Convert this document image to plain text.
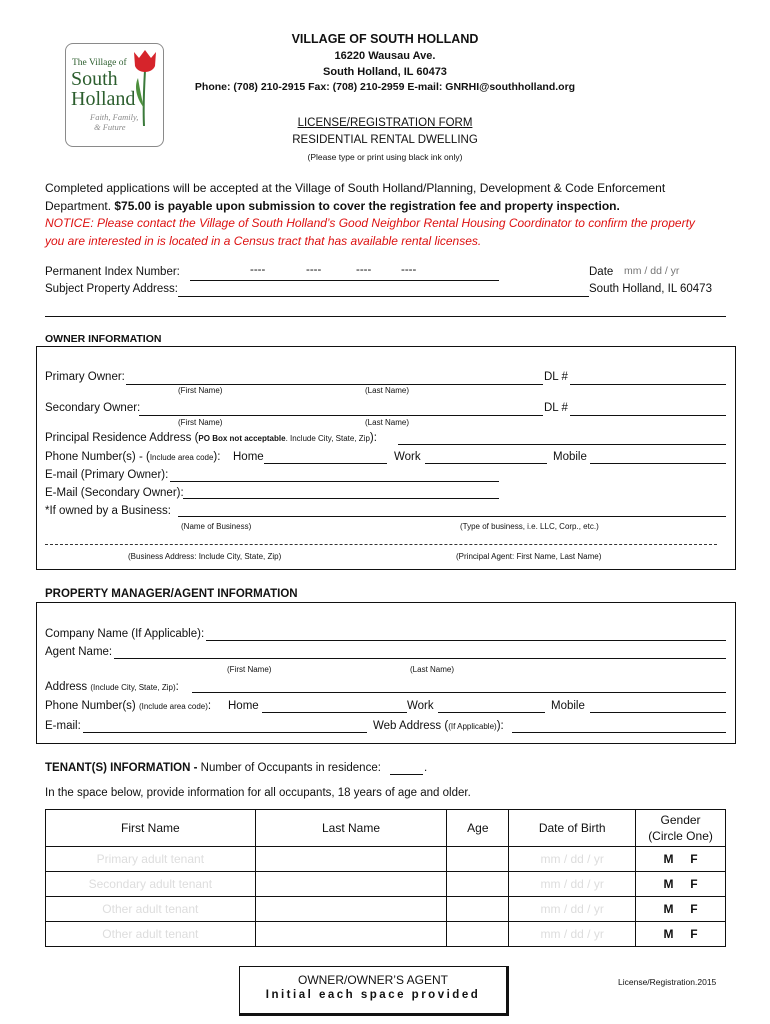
The Village of
South
Holland
Faith, Family,
& Future
VILLAGE OF SOUTH HOLLAND
16220 Wausau Ave.
South Holland, IL 60473
Phone: (708) 210-2915 Fax: (708) 210-2959 E-mail: GNRHI@southholland.org
LICENSE/REGISTRATION FORM
RESIDENTIAL RENTAL DWELLING
(Please type or print using black ink only)
Completed applications will be accepted at the Village of South Holland/Planning, Development & Code Enforcement
Department. $75.00 is payable upon submission to cover the registration fee and property inspection.
NOTICE: Please contact the Village of South Holland’s Good Neighbor Rental Housing Coordinator to confirm the property
you are interested in is located in a Census tract that has available rental licenses.
Permanent Index Number:	----	----	----	----	Date
mm / dd / yr
Subject Property Address:	South Holland, IL 60473
OWNER INFORMATION
Primary Owner:	DL #
(First Name)	(Last Name)
Secondary Owner:	DL #
(First Name)	(Last Name)
Principal Residence Address (PO Box not acceptable. Include City, State, Zip):
Phone Number(s) - (Include area code): Home	Work	Mobile
E-mail (Primary Owner):
E-Mail (Secondary Owner):
*If owned by a Business:
(Name of Business)	(Type of business, i.e. LLC, Corp., etc.)
(Business Address: Include City, State, Zip)	(Principal Agent: First Name, Last Name)
PROPERTY MANAGER/AGENT INFORMATION
Company Name (If Applicable):
Agent Name:
(First Name)	(Last Name)
Address (Include City, State, Zip):
Phone Number(s) (Include area code): Home	Work	Mobile
E-mail:	Web Address ((If Applicable)):
TENANT(S) INFORMATION - Number of Occupants in residence:	.
In the space below, provide information for all occupants, 18 years of age and older.
First Name	Last Name	Age	Date of Birth	Gender
(Circle One)
Primary adult tenant			mm / dd / yr	M F
Secondary adult tenant			mm / dd / yr	M F
Other adult tenant			mm / dd / yr	M F
Other adult tenant			mm / dd / yr	M F
OWNER/OWNER’S AGENT
Initial each space provided
License/Registration.2015
